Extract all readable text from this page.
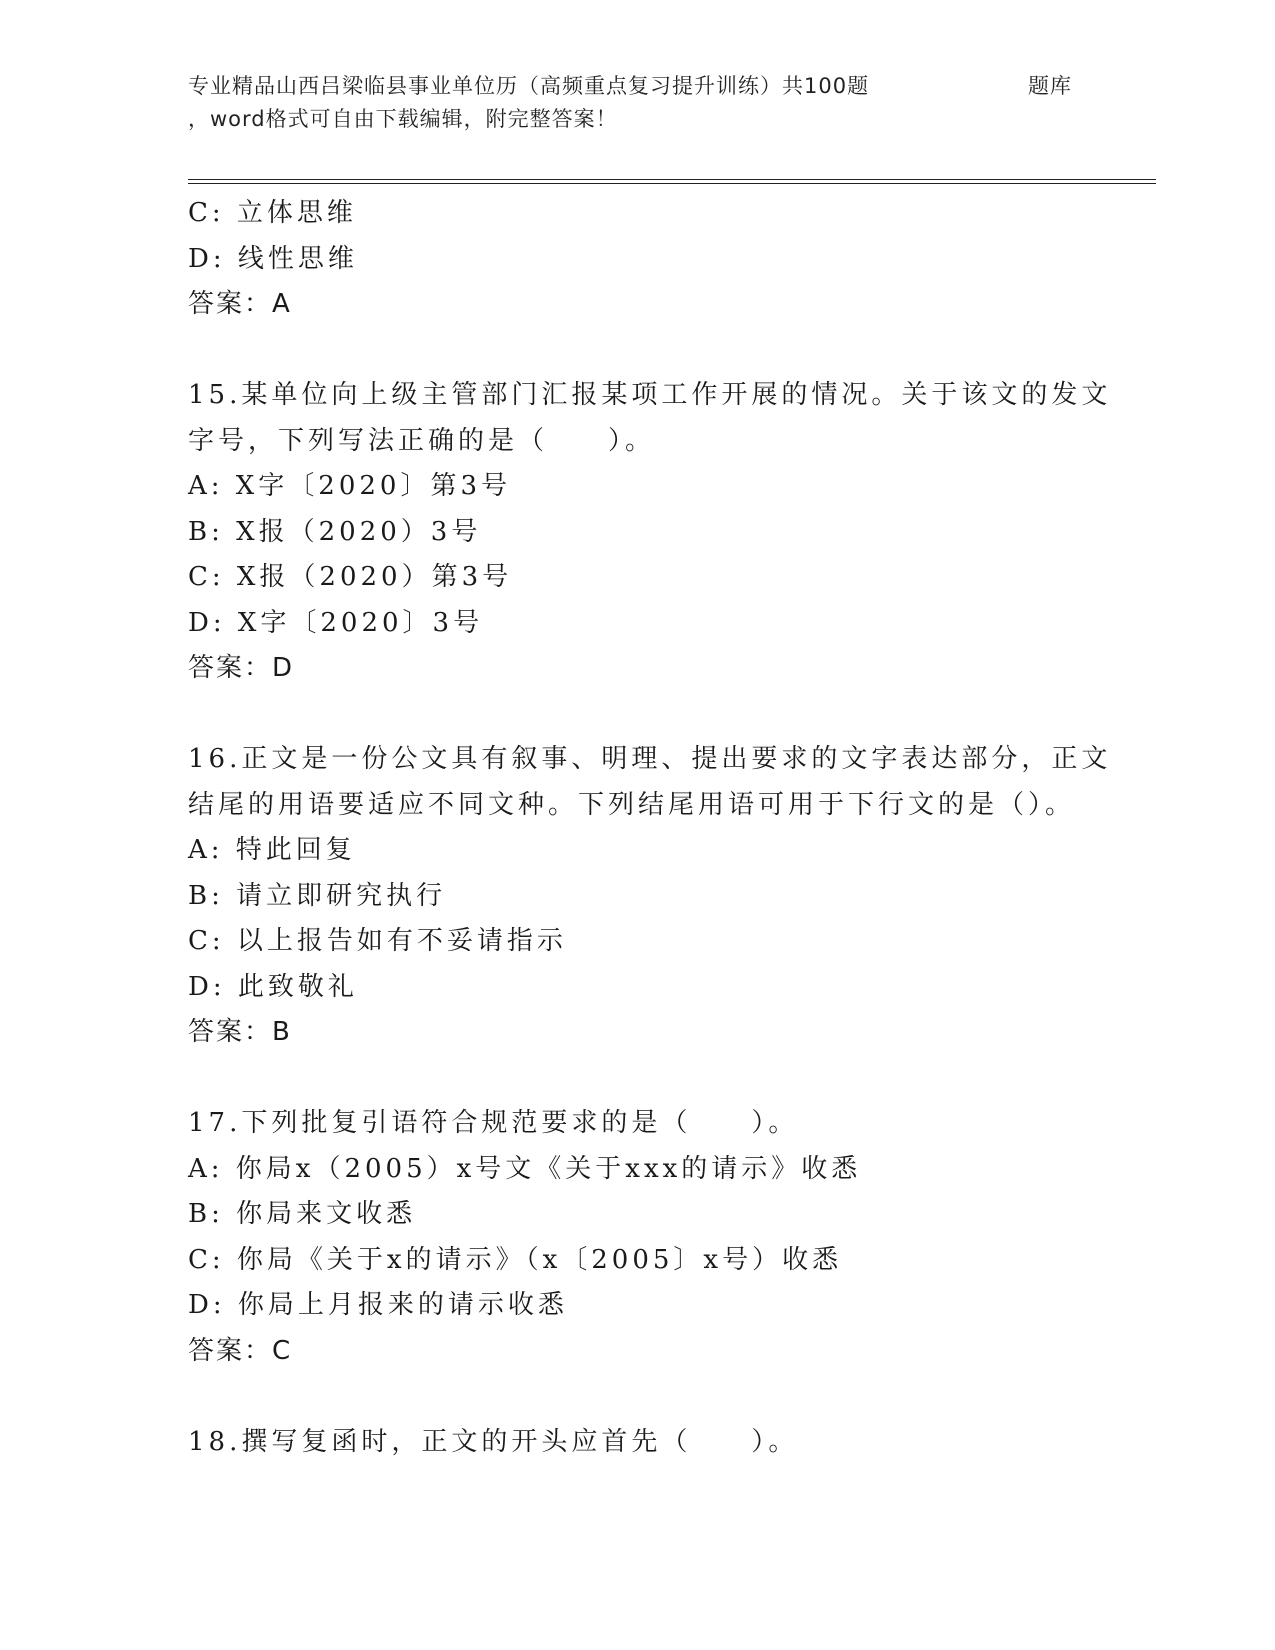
专业精品山西吕梁临县事业单位历（高频重点复习提升训练）共100题
，word格式可自由下载编辑，附完整答案！
题库
C: 立体思维
D: 线性思维
答案：A
15.某单位向上级主管部门汇报某项工作开展的情况。关于该文的发文
字号，下列写法正确的是（　　）。
A: X字〔2020〕第3号
B: X报（2020）3号
C: X报（2020）第3号
D: X字〔2020〕3号
答案：D
16.正文是一份公文具有叙事、明理、提出要求的文字表达部分，正文
结尾的用语要适应不同文种。下列结尾用语可用于下行文的是（）。
A: 特此回复
B: 请立即研究执行
C: 以上报告如有不妥请指示
D: 此致敬礼
答案：B
17.下列批复引语符合规范要求的是（　　）。
A: 你局x（2005）x号文《关于xxx的请示》收悉
B: 你局来文收悉
C: 你局《关于x的请示》（x〔2005〕x号）收悉
D: 你局上月报来的请示收悉
答案：C
18.撰写复函时，正文的开头应首先（　　）。
